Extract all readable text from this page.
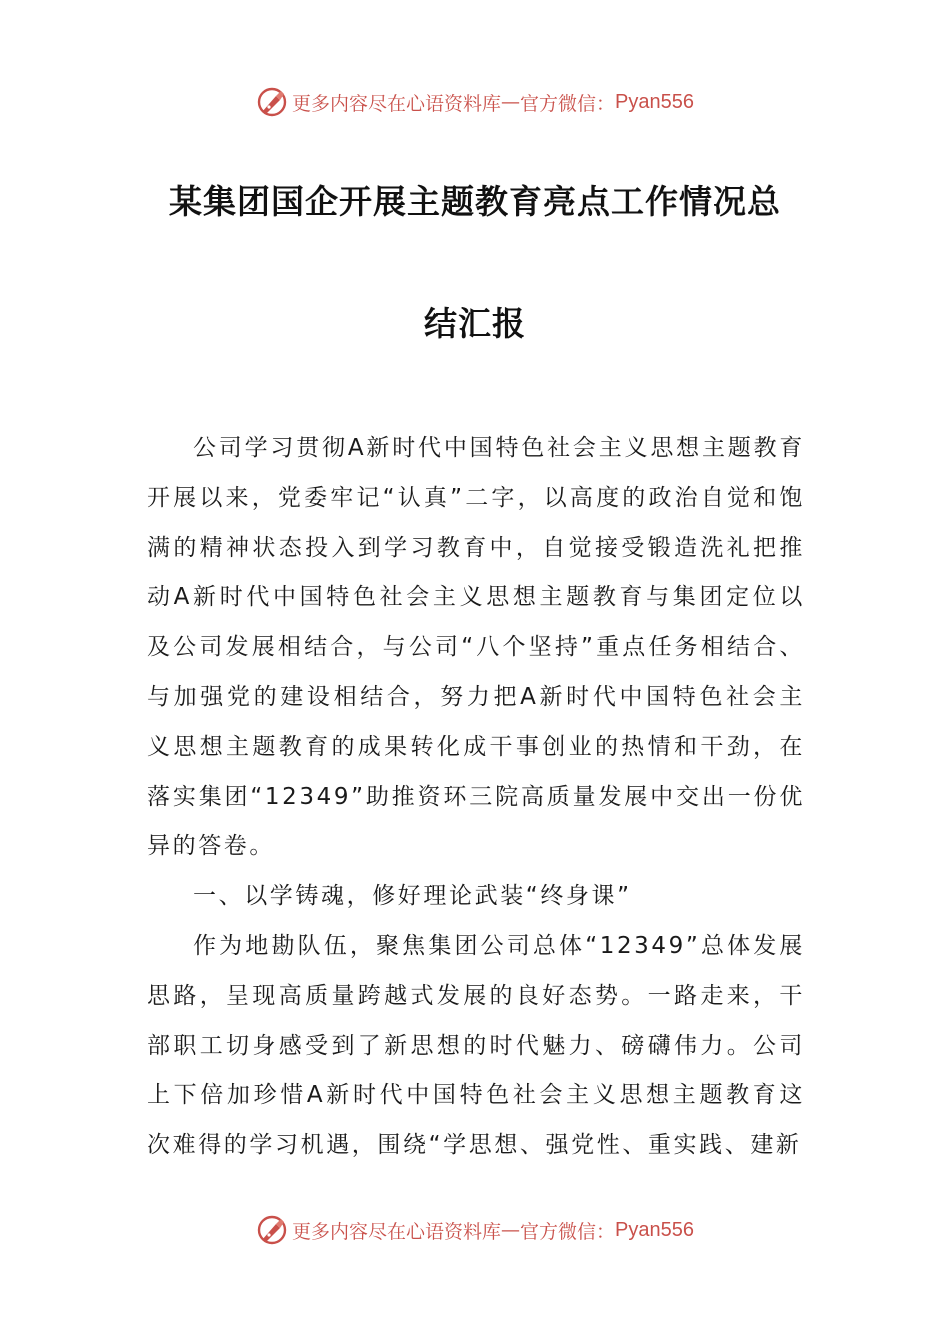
更多内容尽在心语资料库 — 官方微信： Pyan556
某集团国企开展主题教育亮点工作情况总
结汇报

公司学习贯彻A新时代中国特色社会主义思想主题教育开展以来，党委牢记“认真”二字，以高度的政治自觉和饱满的精神状态投入到学习教育中，自觉接受锻造洗礼把推动A新时代中国特色社会主义思想主题教育与集团定位以及公司发展相结合，与公司“八个坚持”重点任务相结合、与加强党的建设相结合，努力把A新时代中国特色社会主义思想主题教育的成果转化成干事创业的热情和干劲，在落实集团“12349”助推资环三院高质量发展中交出一份优异的答卷。

一、以学铸魂，修好理论武装“终身课”

作为地勘队伍，聚焦集团公司总体“12349”总体发展思路，呈现高质量跨越式发展的良好态势。一路走来，干部职工切身感受到了新思想的时代魅力、磅礴伟力。公司上下倍加珍惜A新时代中国特色社会主义思想主题教育这次难得的学习机遇，围绕“学思想、强党性、重实践、建新

更多内容尽在心语资料库 — 官方微信： Pyan556
